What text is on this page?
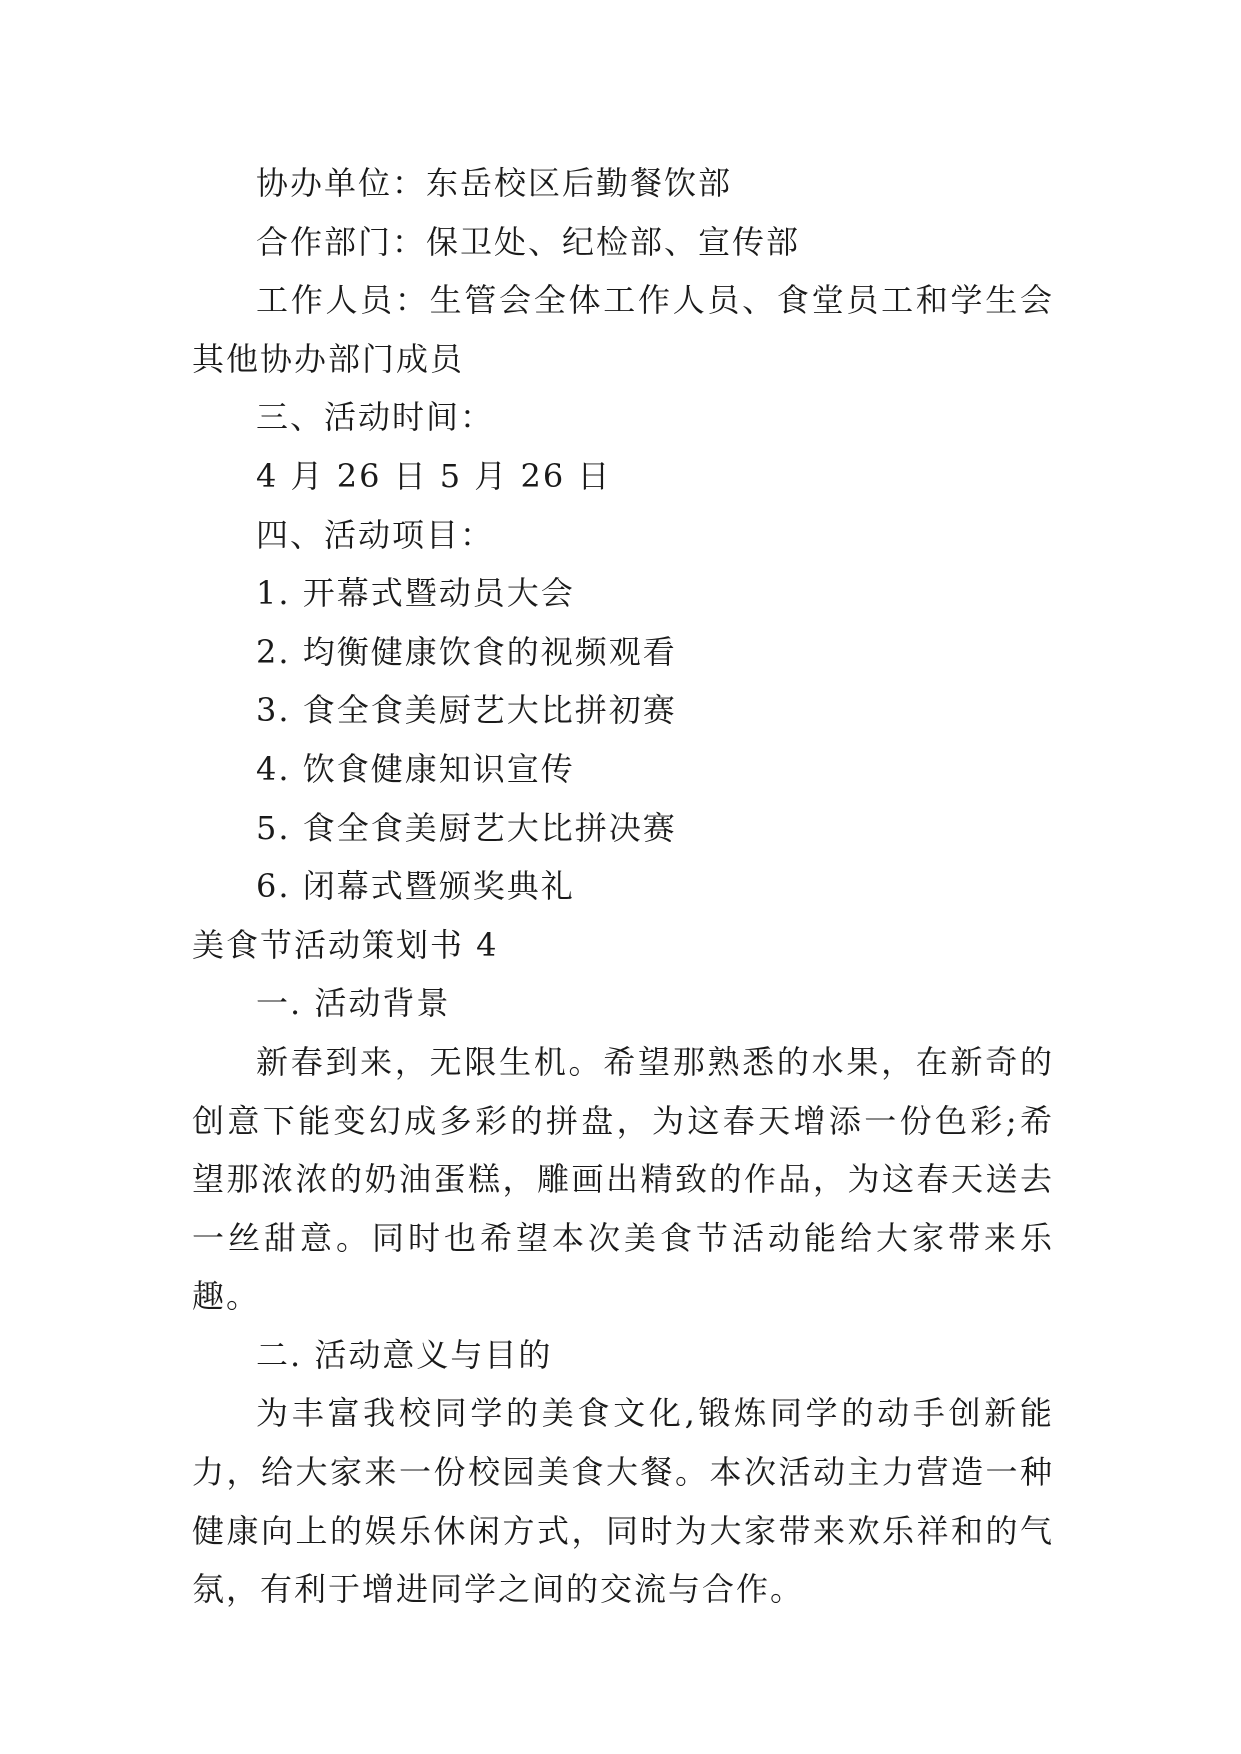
协办单位：东岳校区后勤餐饮部
合作部门：保卫处、纪检部、宣传部
工作人员：生管会全体工作人员、食堂员工和学生会其他协办部门成员
三、活动时间：
4 月 26 日 5 月 26 日
四、活动项目：
1. 开幕式暨动员大会
2. 均衡健康饮食的视频观看
3. 食全食美厨艺大比拼初赛
4. 饮食健康知识宣传
5. 食全食美厨艺大比拼决赛
6. 闭幕式暨颁奖典礼
美食节活动策划书 4
一. 活动背景
新春到来，无限生机。希望那熟悉的水果，在新奇的创意下能变幻成多彩的拼盘，为这春天增添一份色彩;希望那浓浓的奶油蛋糕，雕画出精致的作品，为这春天送去一丝甜意。同时也希望本次美食节活动能给大家带来乐趣。
二. 活动意义与目的
为丰富我校同学的美食文化,锻炼同学的动手创新能力，给大家来一份校园美食大餐。本次活动主力营造一种健康向上的娱乐休闲方式，同时为大家带来欢乐祥和的气氛，有利于增进同学之间的交流与合作。
